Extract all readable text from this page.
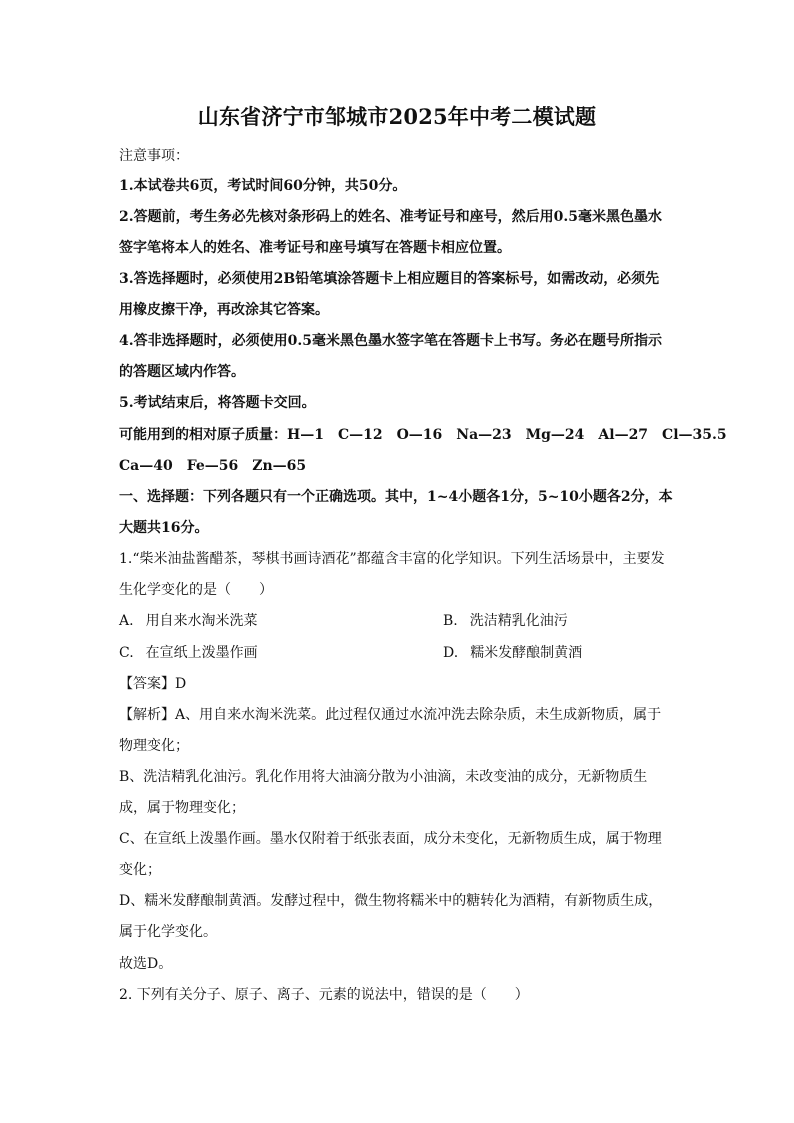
山东省济宁市邹城市2025年中考二模试题
注意事项：
1.本试卷共6页，考试时间60分钟，共50分。
2.答题前，考生务必先核对条形码上的姓名、准考证号和座号，然后用0.5毫米黑色墨水
签字笔将本人的姓名、准考证号和座号填写在答题卡相应位置。
3.答选择题时，必须使用2B铅笔填涂答题卡上相应题目的答案标号，如需改动，必须先
用橡皮擦干净，再改涂其它答案。
4.答非选择题时，必须使用0.5毫米黑色墨水签字笔在答题卡上书写。务必在题号所指示
的答题区域内作答。
5.考试结束后，将答题卡交回。
可能用到的相对原子质量：H—1　C—12　O—16　Na—23　Mg—24　Al—27　Cl—35.5
Ca—40　Fe—56　Zn—65
一、选择题：下列各题只有一个正确选项。其中，1~4小题各1分，5~10小题各2分，本
大题共16分。
1.“柴米油盐酱醋茶，琴棋书画诗酒花”都蕴含丰富的化学知识。下列生活场景中，主要发
生化学变化的是（　　）
A. 用自来水淘米洗菜	B. 洗洁精乳化油污
C. 在宣纸上泼墨作画	D. 糯米发酵酿制黄酒
【答案】D
【解析】A、用自来水淘米洗菜。此过程仅通过水流冲洗去除杂质，未生成新物质，属于
物理变化；
B、洗洁精乳化油污。乳化作用将大油滴分散为小油滴，未改变油的成分，无新物质生
成，属于物理变化；
C、在宣纸上泼墨作画。墨水仅附着于纸张表面，成分未变化，无新物质生成，属于物理
变化；
D、糯米发酵酿制黄酒。发酵过程中，微生物将糯米中的糖转化为酒精，有新物质生成，
属于化学变化。
故选D。
2. 下列有关分子、原子、离子、元素的说法中，错误的是（　　）
